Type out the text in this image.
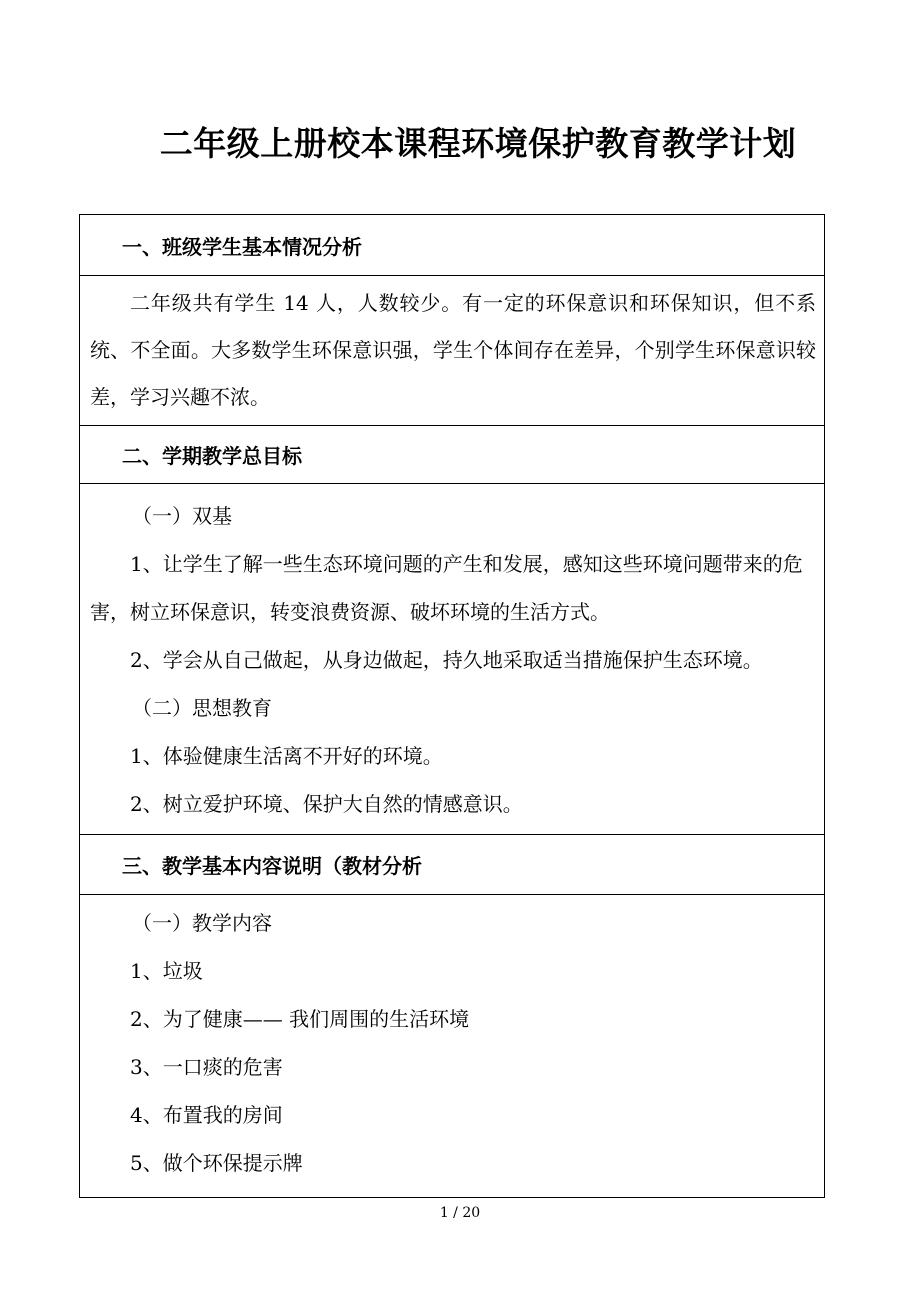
二年级上册校本课程环境保护教育教学计划
一、班级学生基本情况分析

二年级共有学生 14 人，人数较少。有一定的环保意识和环保知识，但不系统、不全面。大多数学生环保意识强，学生个体间存在差异，个别学生环保意识较差，学习兴趣不浓。

二、学期教学总目标

（一）双基

1、让学生了解一些生态环境问题的产生和发展，感知这些环境问题带来的危害，树立环保意识，转变浪费资源、破坏环境的生活方式。

2、学会从自己做起，从身边做起，持久地采取适当措施保护生态环境。

（二）思想教育

1、体验健康生活离不开好的环境。

2、树立爱护环境、保护大自然的情感意识。

三、教学基本内容说明（教材分析

（一）教学内容

1、垃圾

2、为了健康—— 我们周围的生活环境

3、一口痰的危害

4、布置我的房间

5、做个环保提示牌

1 / 20
